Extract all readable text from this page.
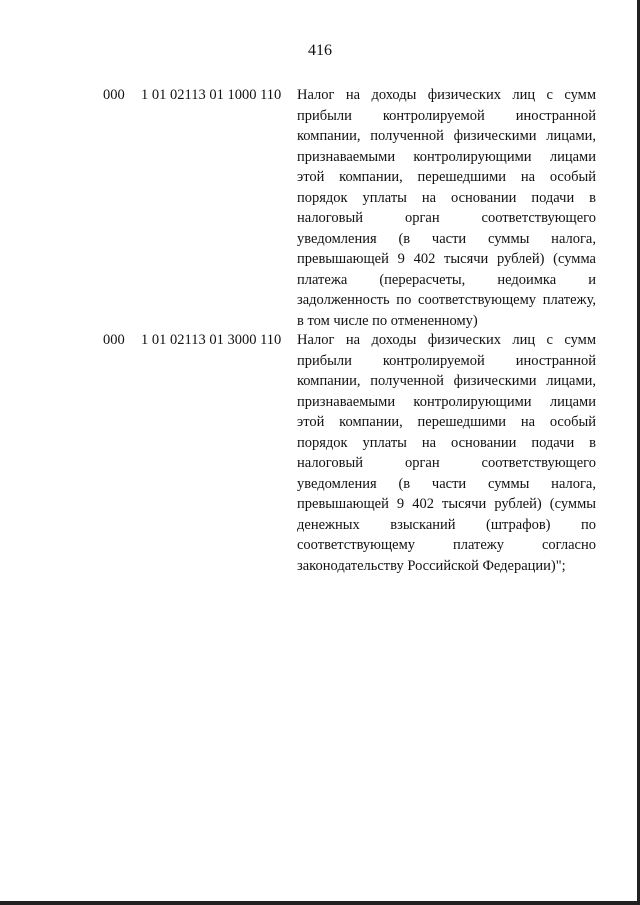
416
000 1 01 02113 01 1000 110 Налог на доходы физических лиц с сумм
прибыли контролируемой иностранной
компании, полученной физическими лицами,
признаваемыми контролирующими лицами
этой компании, перешедшими на особый
порядок уплаты на основании подачи в
налоговый орган соответствующего
уведомления (в части суммы налога,
превышающей 9 402 тысячи рублей) (сумма
платежа (перерасчеты, недоимка и
задолженность по соответствующему платежу,
в том числе по отмененному)
000 1 01 02113 01 3000 110 Налог на доходы физических лиц с сумм
прибыли контролируемой иностранной
компании, полученной физическими лицами,
признаваемыми контролирующими лицами
этой компании, перешедшими на особый
порядок уплаты на основании подачи в
налоговый орган соответствующего
уведомления (в части суммы налога,
превышающей 9 402 тысячи рублей) (суммы
денежных взысканий (штрафов) по
соответствующему платежу согласно
законодательству Российской Федерации)";
